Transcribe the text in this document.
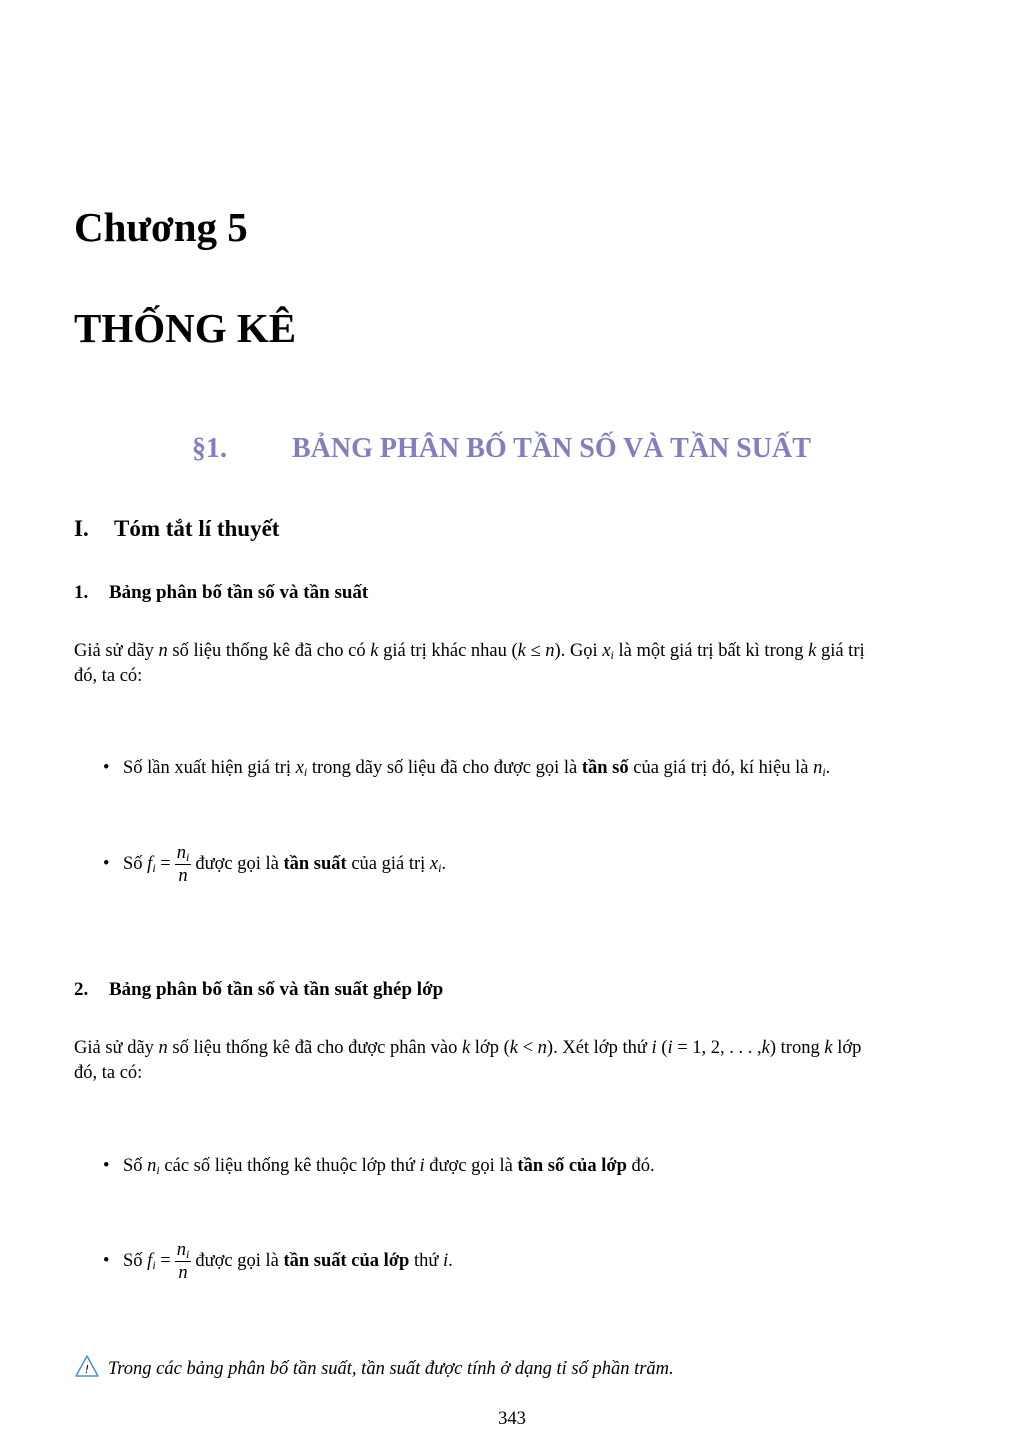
Chương 5
THỐNG KÊ
§1. BẢNG PHÂN BỐ TẦN SỐ VÀ TẦN SUẤT
I. Tóm tắt lí thuyết
1. Bảng phân bố tần số và tần suất
Giả sử dãy n số liệu thống kê đã cho có k giá trị khác nhau (k ≤ n). Gọi $x_i$ là một giá trị bất kì trong k giá trị
đó, ta có:
• Số lần xuất hiện giá trị $x_i$ trong dãy số liệu đã cho được gọi là tần số của giá trị đó, kí hiệu là $n_i$.
• Số $f_i = \frac{n_i}{n}$ được gọi là tần suất của giá trị $x_i$.
2. Bảng phân bố tần số và tần suất ghép lớp
Giả sử dãy n số liệu thống kê đã cho được phân vào k lớp (k < n). Xét lớp thứ i (i = 1, 2, . . . ,k) trong k lớp
đó, ta có:
• Số $n_i$ các số liệu thống kê thuộc lớp thứ i được gọi là tần số của lớp đó.
• Số $f_i = \frac{n_i}{n}$ được gọi là tần suất của lớp thứ i.
! Trong các bảng phân bố tần suất, tần suất được tính ở dạng tỉ số phần trăm.
343
